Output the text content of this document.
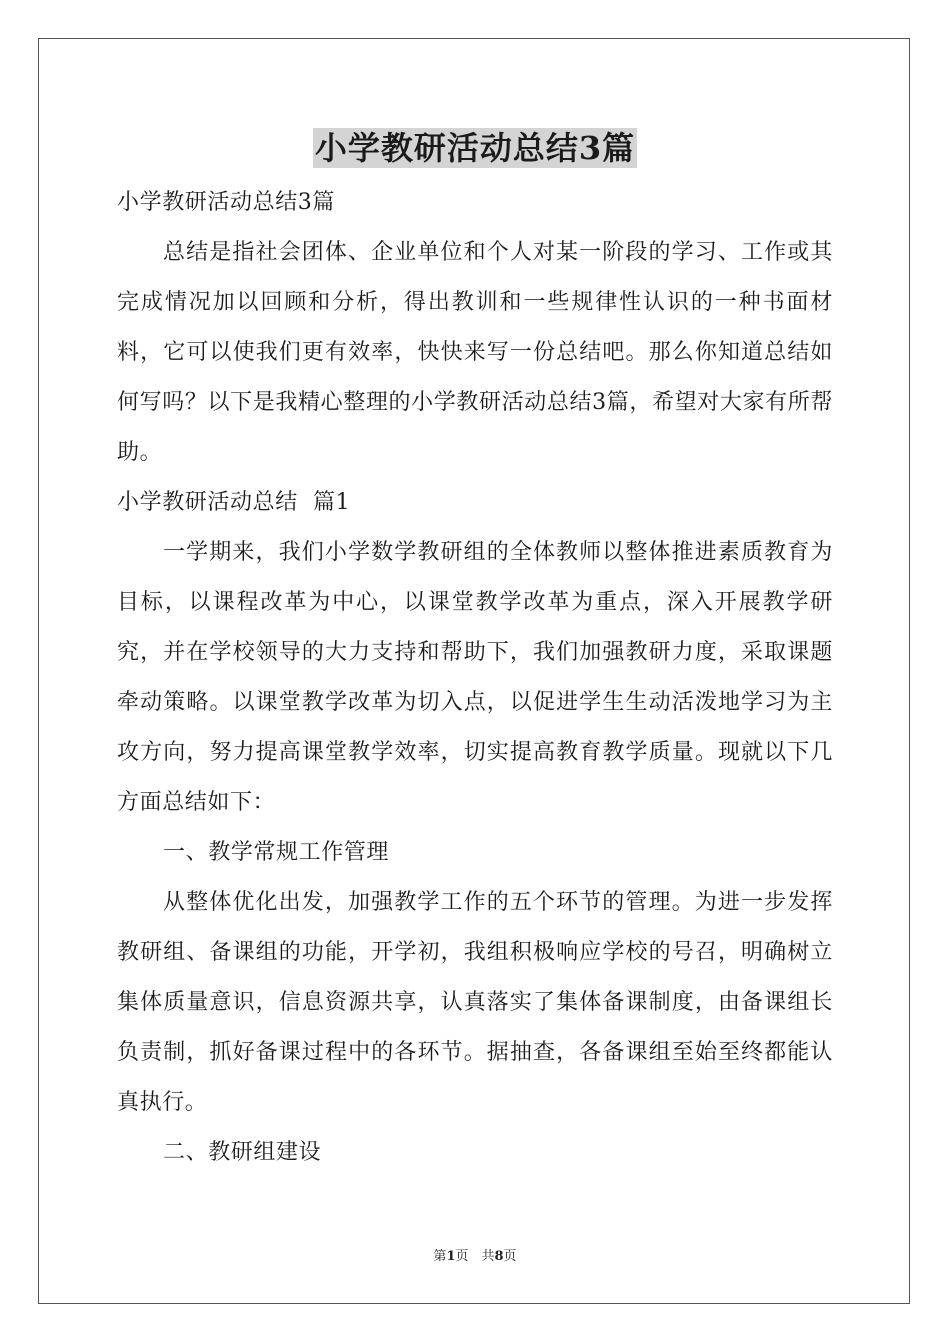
小学教研活动总结3篇

小学教研活动总结3篇

总结是指社会团体、企业单位和个人对某一阶段的学习、工作或其完成情况加以回顾和分析，得出教训和一些规律性认识的一种书面材料，它可以使我们更有效率，快快来写一份总结吧。那么你知道总结如何写吗？以下是我精心整理的小学教研活动总结3篇，希望对大家有所帮助。

小学教研活动总结  篇1

一学期来，我们小学数学教研组的全体教师以整体推进素质教育为目标，以课程改革为中心，以课堂教学改革为重点，深入开展教学研究，并在学校领导的大力支持和帮助下，我们加强教研力度，采取课题牵动策略。以课堂教学改革为切入点，以促进学生生动活泼地学习为主攻方向，努力提高课堂教学效率，切实提高教育教学质量。现就以下几方面总结如下：

一、教学常规工作管理

从整体优化出发，加强教学工作的五个环节的管理。为进一步发挥教研组、备课组的功能，开学初，我组积极响应学校的号召，明确树立集体质量意识，信息资源共享，认真落实了集体备课制度，由备课组长负责制，抓好备课过程中的各环节。据抽查，各备课组至始至终都能认真执行。

二、教研组建设

第1页　共8页
